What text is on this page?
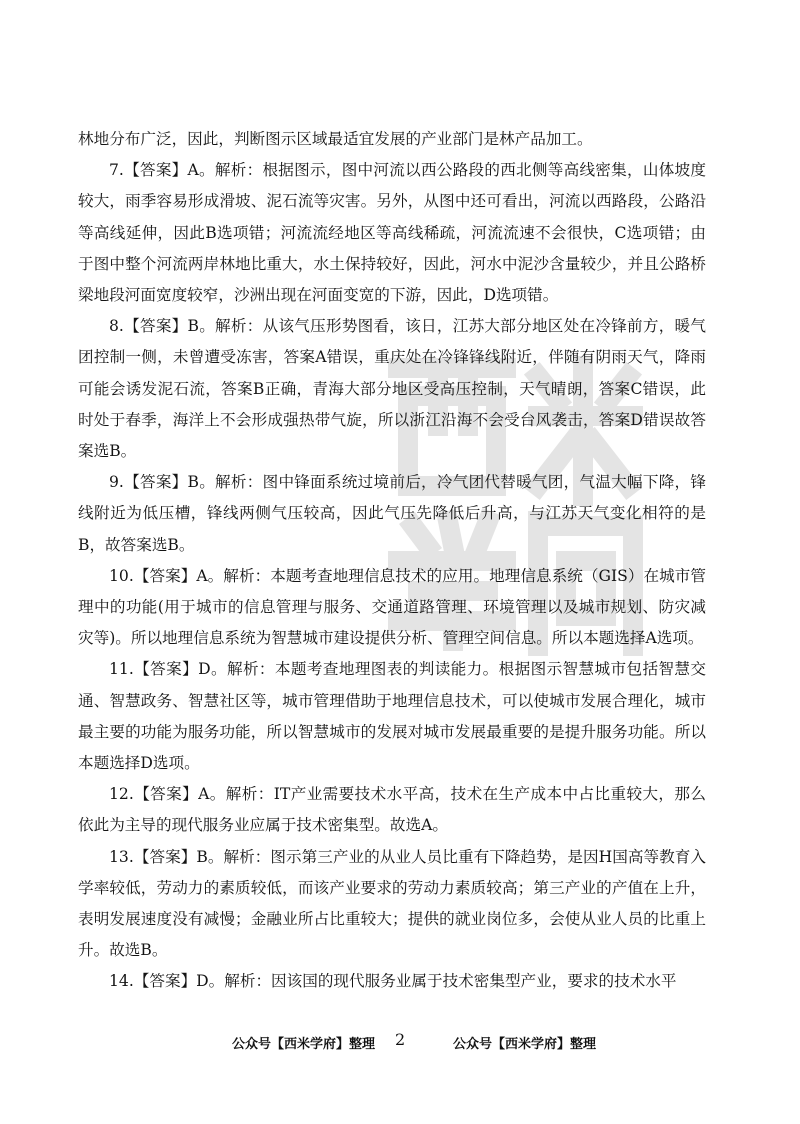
林地分布广泛，因此，判断图示区域最适宜发展的产业部门是林产品加工。

7.【答案】A。解析：根据图示，图中河流以西公路段的西北侧等高线密集，山体坡度较大，雨季容易形成滑坡、泥石流等灾害。另外，从图中还可看出，河流以西路段，公路沿等高线延伸，因此B选项错；河流流经地区等高线稀疏，河流流速不会很快，C选项错；由于图中整个河流两岸林地比重大，水土保持较好，因此，河水中泥沙含量较少，并且公路桥梁地段河面宽度较窄，沙洲出现在河面变宽的下游，因此，D选项错。

8.【答案】B。解析：从该气压形势图看，该日，江苏大部分地区处在冷锋前方，暖气团控制一侧，未曾遭受冻害，答案A错误，重庆处在冷锋锋线附近，伴随有阴雨天气，降雨可能会诱发泥石流，答案B正确，青海大部分地区受高压控制，天气晴朗，答案C错误，此时处于春季，海洋上不会形成强热带气旋，所以浙江沿海不会受台风袭击，答案D错误故答案选B。

9.【答案】B。解析：图中锋面系统过境前后，冷气团代替暖气团，气温大幅下降，锋线附近为低压槽，锋线两侧气压较高，因此气压先降低后升高，与江苏天气变化相符的是B，故答案选B。

10.【答案】A。解析：本题考查地理信息技术的应用。地理信息系统（GIS）在城市管理中的功能(用于城市的信息管理与服务、交通道路管理、环境管理以及城市规划、防灾减灾等)。所以地理信息系统为智慧城市建设提供分析、管理空间信息。所以本题选择A选项。

11.【答案】D。解析：本题考查地理图表的判读能力。根据图示智慧城市包括智慧交通、智慧政务、智慧社区等，城市管理借助于地理信息技术，可以使城市发展合理化，城市最主要的功能为服务功能，所以智慧城市的发展对城市发展最重要的是提升服务功能。所以本题选择D选项。

12.【答案】A。解析：IT产业需要技术水平高，技术在生产成本中占比重较大，那么依此为主导的现代服务业应属于技术密集型。故选A。

13.【答案】B。解析：图示第三产业的从业人员比重有下降趋势，是因H国高等教育入学率较低，劳动力的素质较低，而该产业要求的劳动力素质较高；第三产业的产值在上升，表明发展速度没有减慢；金融业所占比重较大；提供的就业岗位多，会使从业人员的比重上升。故选B。

14.【答案】D。解析：因该国的现代服务业属于技术密集型产业，要求的技术水平

公众号【西米学府】整理 2	公众号【西米学府】整理
